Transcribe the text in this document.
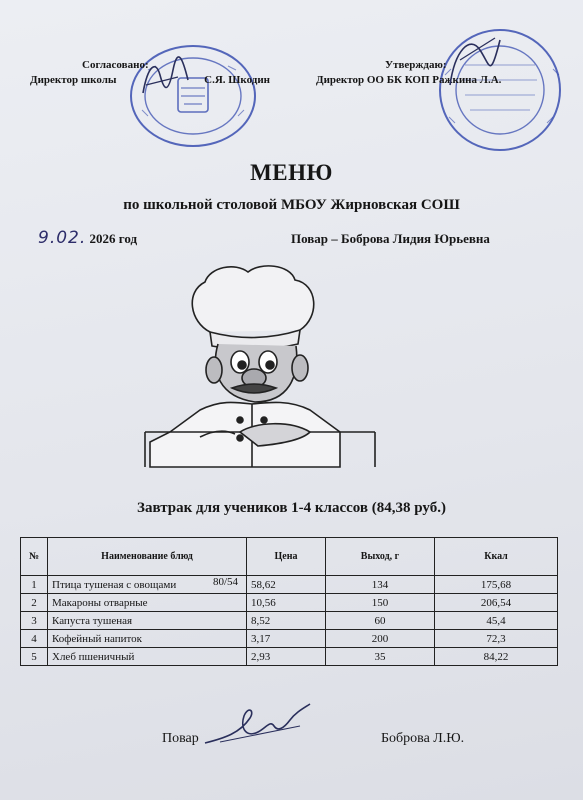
Согласовано:
Директор школы	С.Я. Шкодин
Утверждаю:
Директор ОО БК КОП Ражкина Л.А.
МЕНЮ
по школьной столовой МБОУ Жирновская СОШ
9.02. 2026 год	Повар – Боброва Лидия Юрьевна
Завтрак для учеников 1-4 классов (84,38 руб.)
№	Наименование блюд	Цена	Выход, г	Ккал
1	Птица тушеная с овощами 80/54	58,62	134	175,68
2	Макароны отварные	10,56	150	206,54
3	Капуста тушеная	8,52	60	45,4
4	Кофейный напиток	3,17	200	72,3
5	Хлеб пшеничный	2,93	35	84,22
Повар	Боброва Л.Ю.
